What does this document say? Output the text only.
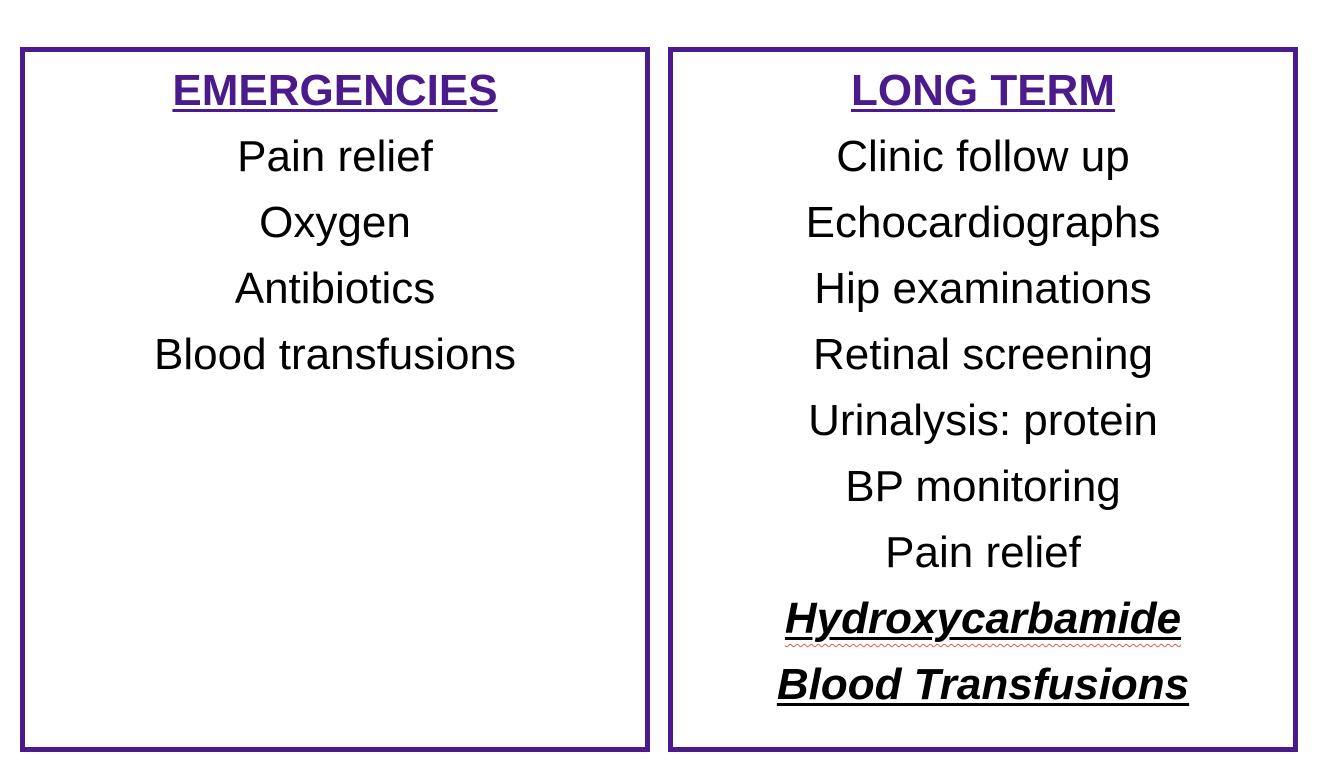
EMERGENCIES
Pain relief
Oxygen
Antibiotics
Blood transfusions
LONG TERM
Clinic follow up
Echocardiographs
Hip examinations
Retinal screening
Urinalysis: protein
BP monitoring
Pain relief
Hydroxycarbamide
Blood Transfusions
